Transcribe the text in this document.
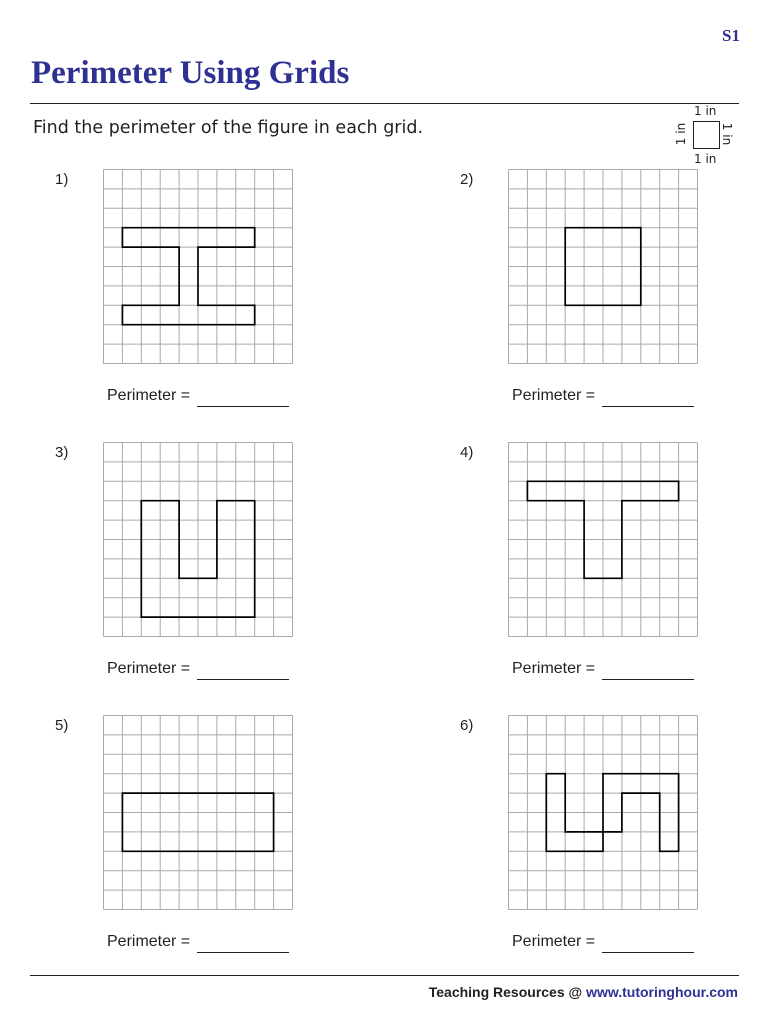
S1
Perimeter Using Grids
Find the perimeter of the figure in each grid.
1 in
1 in
1 in	1 in
1)
Perimeter =
2)
Perimeter =
3)
Perimeter =
4)
Perimeter =
5)
Perimeter =
6)
Perimeter =
Teaching Resources @ www.tutoringhour.com
